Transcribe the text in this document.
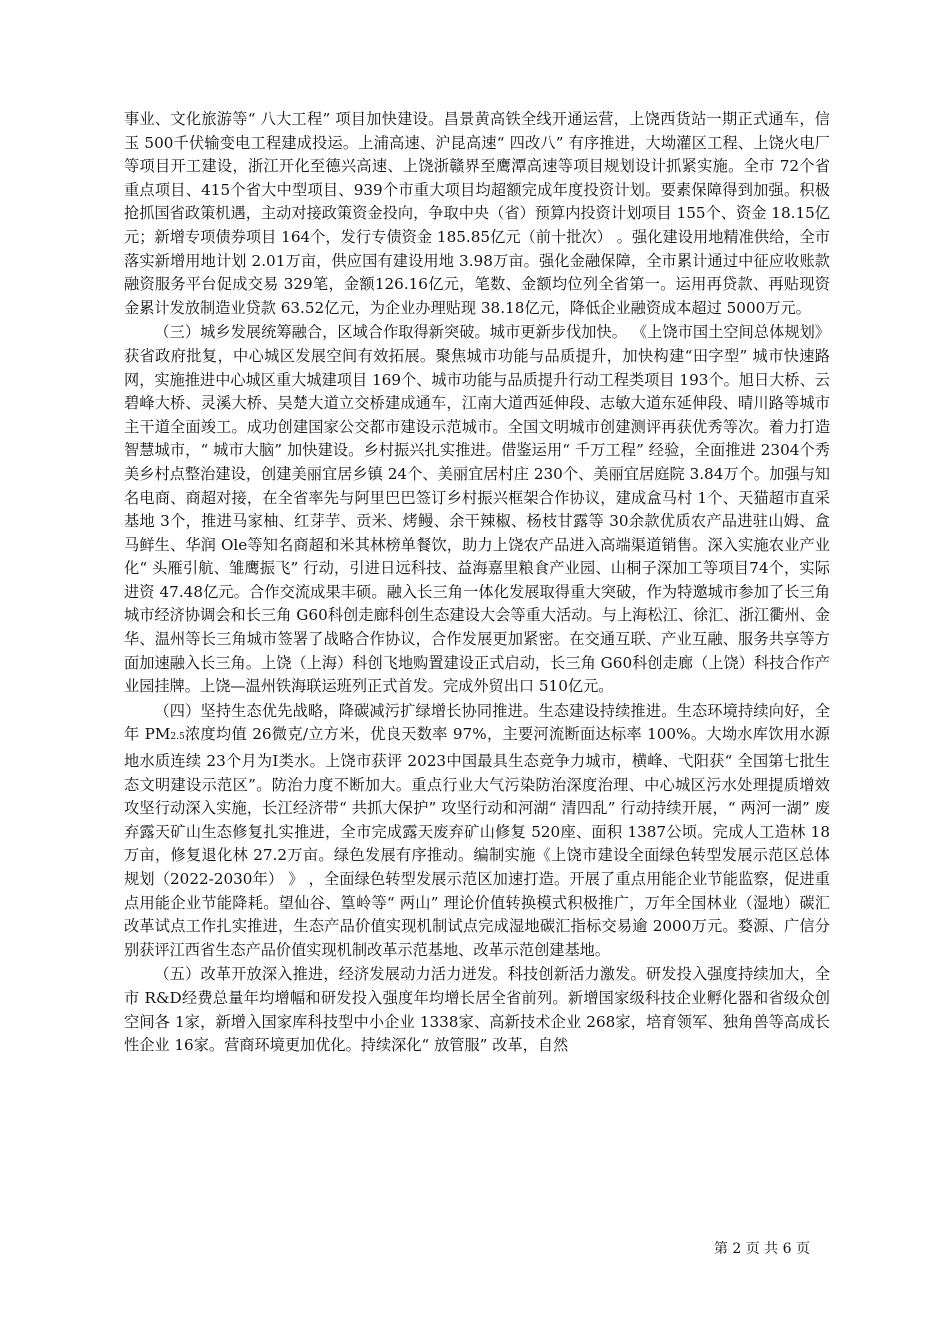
事业、文化旅游等“ 八大工程” 项目加快建设。昌景黄高铁全线开通运营，上饶西货站一期正式通车，信玉 500千伏输变电工程建成投运。上浦高速、沪昆高速“ 四改八” 有序推进，大坳灌区工程、上饶火电厂等项目开工建设，浙江开化至德兴高速、上饶浙赣界至鹰潭高速等项目规划设计抓紧实施。全市 72个省重点项目、415个省大中型项目、939个市重大项目均超额完成年度投资计划。要素保障得到加强。积极抢抓国省政策机遇，主动对接政策资金投向，争取中央（省）预算内投资计划项目 155个、资金 18.15亿元；新增专项债券项目 164个，发行专债资金 185.85亿元（前十批次） 。强化建设用地精准供给，全市落实新增用地计划 2.01万亩，供应国有建设用地 3.98万亩。强化金融保障，全市累计通过中征应收账款融资服务平台促成交易 329笔，金额126.16亿元，笔数、金额均位列全省第一。运用再贷款、再贴现资金累计发放制造业贷款 63.52亿元，为企业办理贴现 38.18亿元，降低企业融资成本超过 5000万元。

（三）城乡发展统筹融合，区域合作取得新突破。城市更新步伐加快。 《上饶市国土空间总体规划》获省政府批复，中心城区发展空间有效拓展。聚焦城市功能与品质提升，加快构建“田字型” 城市快速路网，实施推进中心城区重大城建项目 169个、城市功能与品质提升行动工程类项目 193个。旭日大桥、云碧峰大桥、灵溪大桥、吴楚大道立交桥建成通车，江南大道西延伸段、志敏大道东延伸段、晴川路等城市主干道全面竣工。成功创建国家公交都市建设示范城市。全国文明城市创建测评再获优秀等次。着力打造智慧城市，“ 城市大脑” 加快建设。乡村振兴扎实推进。借鉴运用“ 千万工程” 经验，全面推进 2304个秀美乡村点整治建设，创建美丽宜居乡镇 24个、美丽宜居村庄 230个、美丽宜居庭院 3.84万个。加强与知名电商、商超对接，在全省率先与阿里巴巴签订乡村振兴框架合作协议，建成盒马村 1个、天猫超市直采基地 3个，推进马家柚、红芽芋、贡米、烤鳗、余干辣椒、杨枝甘露等 30余款优质农产品进驻山姆、盒马鲜生、华润 Ole等知名商超和米其林榜单餐饮，助力上饶农产品进入高端渠道销售。深入实施农业产业化“ 头雁引航、雏鹰振飞” 行动，引进日远科技、益海嘉里粮食产业园、山桐子深加工等项目74个，实际进资 47.48亿元。合作交流成果丰硕。融入长三角一体化发展取得重大突破，作为特邀城市参加了长三角城市经济协调会和长三角 G60科创走廊科创生态建设大会等重大活动。与上海松江、徐汇、浙江衢州、金华、温州等长三角城市签署了战略合作协议，合作发展更加紧密。在交通互联、产业互融、服务共享等方面加速融入长三角。上饶（上海）科创飞地购置建设正式启动，长三角 G60科创走廊（上饶）科技合作产业园挂牌。上饶—温州铁海联运班列正式首发。完成外贸出口 510亿元。

（四）坚持生态优先战略，降碳减污扩绿增长协同推进。生态建设持续推进。生态环境持续向好，全年 PM2.5浓度均值 26微克/立方米，优良天数率 97%，主要河流断面达标率 100%。大坳水库饮用水源地水质连续 23个月为Ⅰ类水。上饶市获评 2023中国最具生态竞争力城市，横峰、弋阳获“ 全国第七批生态文明建设示范区”。防治力度不断加大。重点行业大气污染防治深度治理、中心城区污水处理提质增效攻坚行动深入实施，长江经济带“ 共抓大保护” 攻坚行动和河湖“ 清四乱” 行动持续开展，“ 两河一湖” 废弃露天矿山生态修复扎实推进，全市完成露天废弃矿山修复 520座、面积 1387公顷。完成人工造林 18万亩，修复退化林 27.2万亩。绿色发展有序推动。编制实施《上饶市建设全面绿色转型发展示范区总体规划（2022-2030年） 》 ，全面绿色转型发展示范区加速打造。开展了重点用能企业节能监察，促进重点用能企业节能降耗。望仙谷、篁岭等“ 两山” 理论价值转换模式积极推广，万年全国林业（湿地）碳汇改革试点工作扎实推进，生态产品价值实现机制试点完成湿地碳汇指标交易逾 2000万元。婺源、广信分别获评江西省生态产品价值实现机制改革示范基地、改革示范创建基地。

（五）改革开放深入推进，经济发展动力活力迸发。科技创新活力激发。研发投入强度持续加大，全市 R&D经费总量年均增幅和研发投入强度年均增长居全省前列。新增国家级科技企业孵化器和省级众创空间各 1家，新增入国家库科技型中小企业 1338家、高新技术企业 268家，培育领军、独角兽等高成长性企业 16家。营商环境更加优化。持续深化“ 放管服” 改革，自然

第 2 页 共 6 页
